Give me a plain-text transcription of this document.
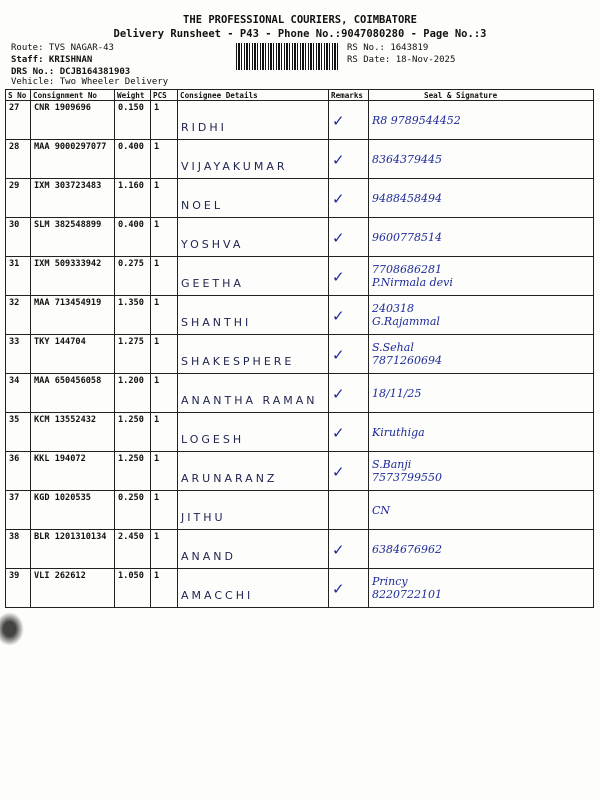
THE PROFESSIONAL COURIERS, COIMBATORE
Delivery Runsheet - P43 - Phone No.:9047080280 - Page No.:3
Route: TVS NAGAR-43
Staff: KRISHNAN
DRS No.: DCJB164381903
Vehicle: Two Wheeler Delivery
RS No.: 1643819
RS Date: 18-Nov-2025
S No	Consignment No	Weight	PCS	Consignee Details	Remarks	Seal & Signature
27	CNR 1909696	0.150	1	RIDHI	✓	R8 9789544452

28	MAA 9000297077	0.400	1	VIJAYAKUMAR	✓	8364379445

29	IXM 303723483	1.160	1	NOEL	✓	9488458494

30	SLM 382548899	0.400	1	YOSHVA	✓	9600778514

31	IXM 509333942	0.275	1	GEETHA	✓	7708686281
P.Nirmala devi

32	MAA 713454919	1.350	1	SHANTHI	✓	240318
G.Rajammal

33	TKY 144704	1.275	1	SHAKESPHERE	✓	S.Sehal
7871260694

34	MAA 650456058	1.200	1	ANANTHA RAMAN	✓	18/11/25

35	KCM 13552432	1.250	1	LOGESH	✓	Kiruthiga

36	KKL 194072	1.250	1	ARUNARANZ	✓	S.Banji
7573799550

37	KGD 1020535	0.250	1	JITHU		CN

38	BLR 1201310134	2.450	1	ANAND	✓	6384676962

39	VLI 262612	1.050	1	AMACCHI	✓	Princy
8220722101
